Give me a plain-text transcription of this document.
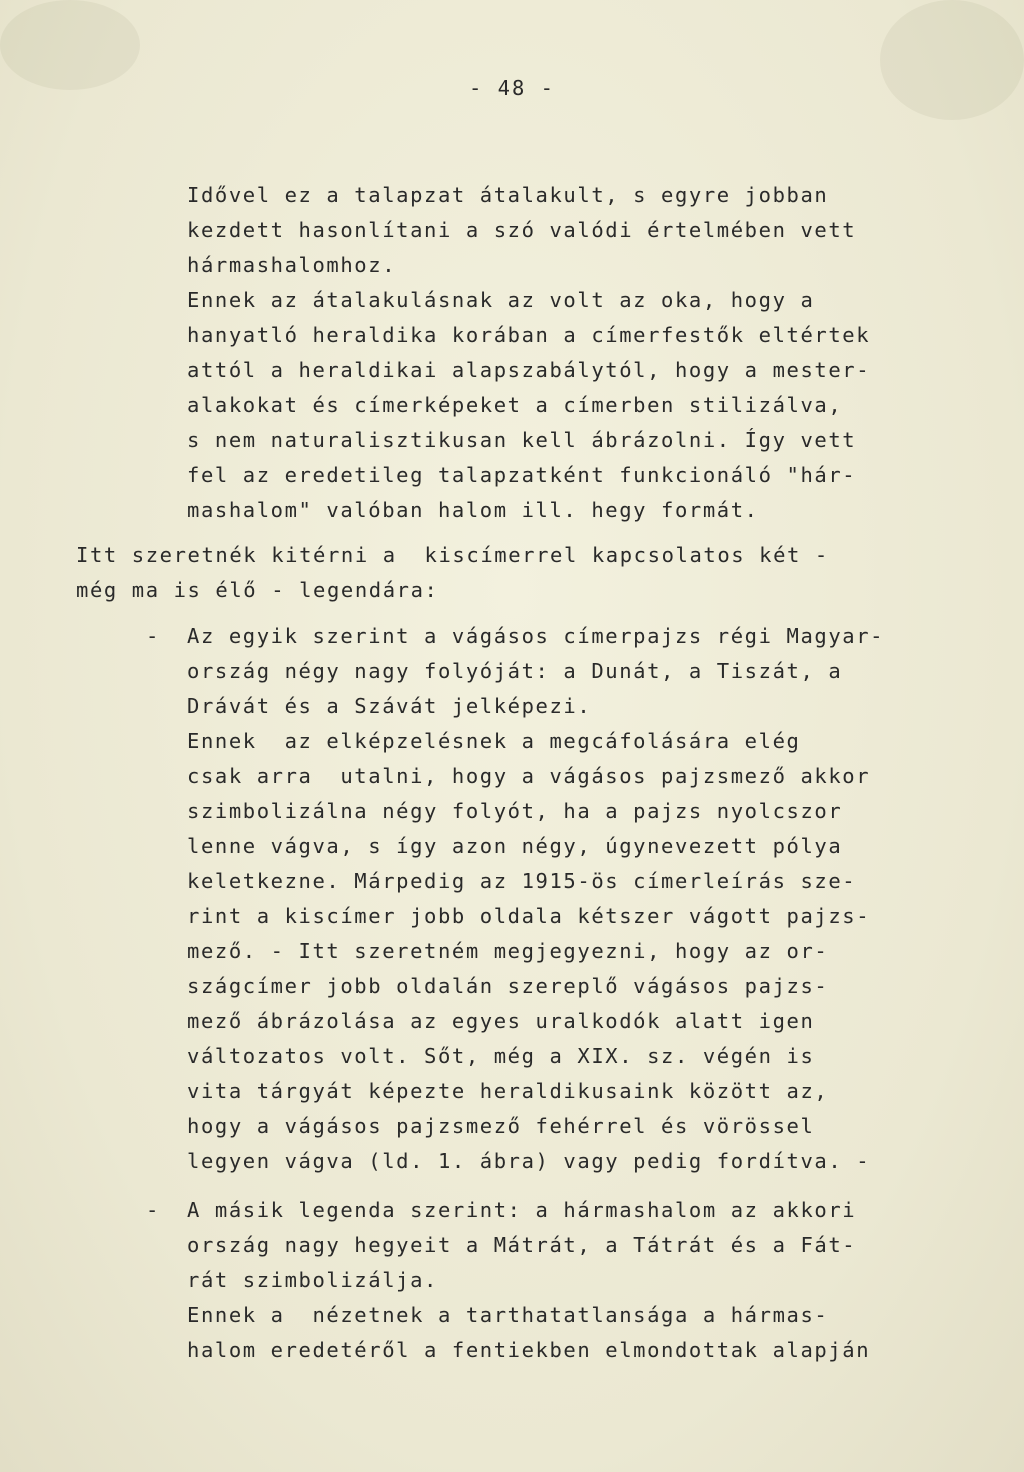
- 48 -
Idővel ez a talapzat átalakult, s egyre jobban
kezdett hasonlítani a szó valódi értelmében vett
hármashalomhoz.
Ennek az átalakulásnak az volt az oka, hogy a
hanyatló heraldika korában a címerfestők eltértek
attól a heraldikai alapszabálytól, hogy a mester-
alakokat és címerképeket a címerben stilizálva,
s nem naturalisztikusan kell ábrázolni. Így vett
fel az eredetileg talapzatként funkcionáló "hár-
mashalom" valóban halom ill. hegy formát.
Itt szeretnék kitérni a  kiscímerrel kapcsolatos két -
még ma is élő - legendára:
- Az egyik szerint a vágásos címerpajzs régi Magyar-
ország négy nagy folyóját: a Dunát, a Tiszát, a
Drávát és a Szávát jelképezi.
Ennek  az elképzelésnek a megcáfolására elég
csak arra  utalni, hogy a vágásos pajzsmező akkor
szimbolizálna négy folyót, ha a pajzs nyolcszor
lenne vágva, s így azon négy, úgynevezett pólya
keletkezne. Márpedig az 1915-ös címerleírás sze-
rint a kiscímer jobb oldala kétszer vágott pajzs-
mező. - Itt szeretném megjegyezni, hogy az or-
szágcímer jobb oldalán szereplő vágásos pajzs-
mező ábrázolása az egyes uralkodók alatt igen
változatos volt. Sőt, még a XIX. sz. végén is
vita tárgyát képezte heraldikusaink között az,
hogy a vágásos pajzsmező fehérrel és vörössel
legyen vágva (ld. 1. ábra) vagy pedig fordítva. -
- A másik legenda szerint: a hármashalom az akkori
ország nagy hegyeit a Mátrát, a Tátrát és a Fát-
rát szimbolizálja.
Ennek a  nézetnek a tarthatatlansága a hármas-
halom eredetéről a fentiekben elmondottak alapján
